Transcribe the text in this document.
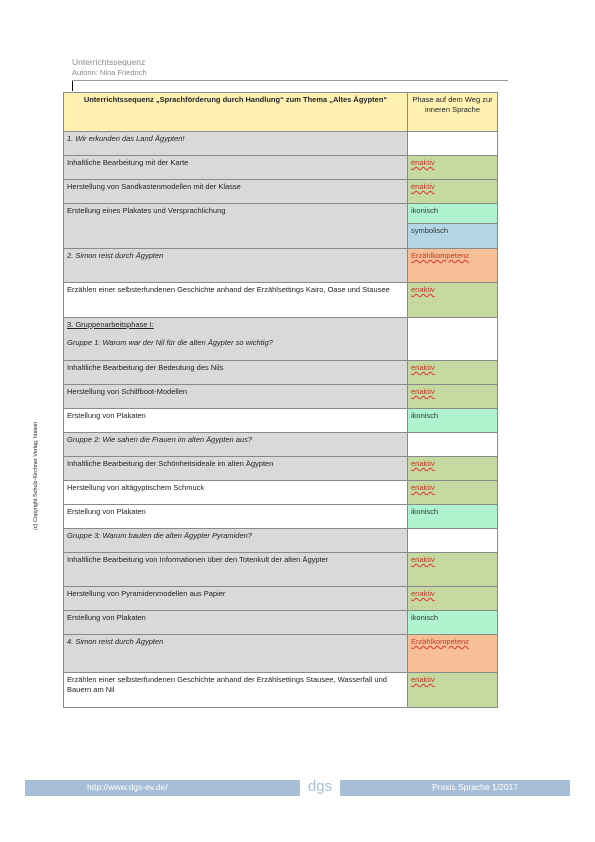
Unterrichtssequenz
Autorin: Nina Friedrich
(c) Copyright Schulz-Kirchner Verlag, Idstein
Unterrichtssequenz „Sprachförderung durch Handlung“ zum Thema „Altes Ägypten“	Phase auf dem Weg zur inneren Sprache
1. Wir erkunden das Land Ägypten!	
Inhaltliche Bearbeitung mit der Karte	enaktiv
Herstellung von Sandkastenmodellen mit der Klasse	enaktiv
Erstellung eines Plakates und Versprachlichung	ikonisch
	symbolisch
2. Simon reist durch Ägypten	Erzählkompetenz
Erzählen einer selbsterfundenen Geschichte anhand der Erzählsettings Kairo, Oase und Stausee	enaktiv

3. Gruppenarbeitsphase I:
Gruppe 1: Warum war der Nil für die alten Ägypter so wichtig?	

Inhaltliche Bearbeitung der Bedeutung des Nils	enaktiv
Herstellung von Schilfboot-Modellen	enaktiv
Erstellung von Plakaten	ikonisch
Gruppe 2: Wie sahen die Frauen im alten Ägypten aus?	
Inhaltliche Bearbeitung der Schönheitsideale im alten Ägypten	enaktiv
Herstellung von altägyptischem Schmuck	enaktiv
Erstellung von Plakaten	ikonisch
Gruppe 3: Warum bauten die alten Ägypter Pyramiden?	
Inhaltliche Bearbeitung von Informationen über den Totenkult der alten Ägypter	enaktiv
Herstellung von Pyramidenmodellen aus Papier	enaktiv
Erstellung von Plakaten	ikonisch
4. Simon reist durch Ägypten	Erzählkompetenz
Erzählen einer selbsterfundenen Geschichte anhand der Erzählsettings Stausee, Wasserfall und Bauern am Nil	enaktiv
http://www.dgs-ev.de/	dgs	Praxis Sprache 1/2017
